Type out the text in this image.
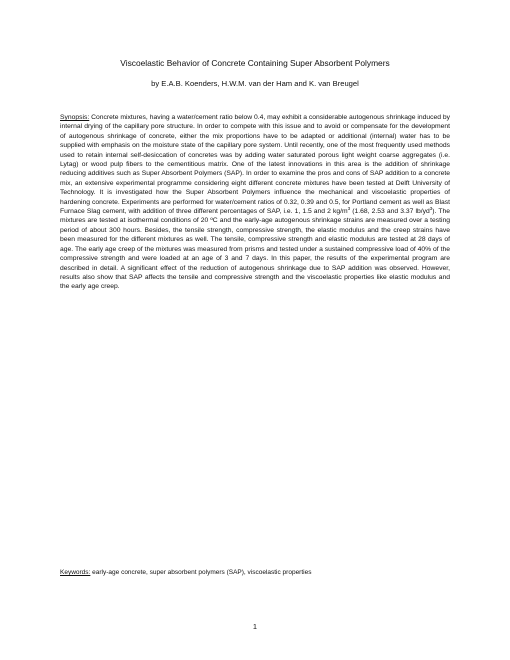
Viscoelastic Behavior of Concrete Containing Super Absorbent Polymers
by E.A.B. Koenders, H.W.M. van der Ham and K. van Breugel

Synopsis: Concrete mixtures, having a water/cement ratio below 0.4, may exhibit a considerable autogenous shrinkage induced by internal drying of the capillary pore structure. In order to compete with this issue and to avoid or compensate for the development of autogenous shrinkage of concrete, either the mix proportions have to be adapted or additional (internal) water has to be supplied with emphasis on the moisture state of the capillary pore system. Until recently, one of the most frequently used methods used to retain internal self-desiccation of concretes was by adding water saturated porous light weight coarse aggregates (i.e. Lytag) or wood pulp fibers to the cementitious matrix. One of the latest innovations in this area is the addition of shrinkage reducing additives such as Super Absorbent Polymers (SAP). In order to examine the pros and cons of SAP addition to a concrete mix, an extensive experimental programme considering eight different concrete mixtures have been tested at Delft University of Technology. It is investigated how the Super Absorbent Polymers influence the mechanical and viscoelastic properties of hardening concrete. Experiments are performed for water/cement ratios of 0.32, 0.39 and 0.5, for Portland cement as well as Blast Furnace Slag cement, with addition of three different percentages of SAP, i.e. 1, 1.5 and 2 $kg/m^3$ (1.68, 2.53 and 3.37 $lb/yd^3$). The mixtures are tested at isothermal conditions of 20 ºC and the early-age autogenous shrinkage strains are measured over a testing period of about 300 hours. Besides, the tensile strength, compressive strength, the elastic modulus and the creep strains have been measured for the different mixtures as well. The tensile, compressive strength and elastic modulus are tested at 28 days of age. The early age creep of the mixtures was measured from prisms and tested under a sustained compressive load of 40% of the compressive strength and were loaded at an age of 3 and 7 days. In this paper, the results of the experimental program are described in detail. A significant effect of the reduction of autogenous shrinkage due to SAP addition was observed. However, results also show that SAP affects the tensile and compressive strength and the viscoelastic properties like elastic modulus and the early age creep.

Keywords: early-age concrete, super absorbent polymers (SAP), viscoelastic properties

1
